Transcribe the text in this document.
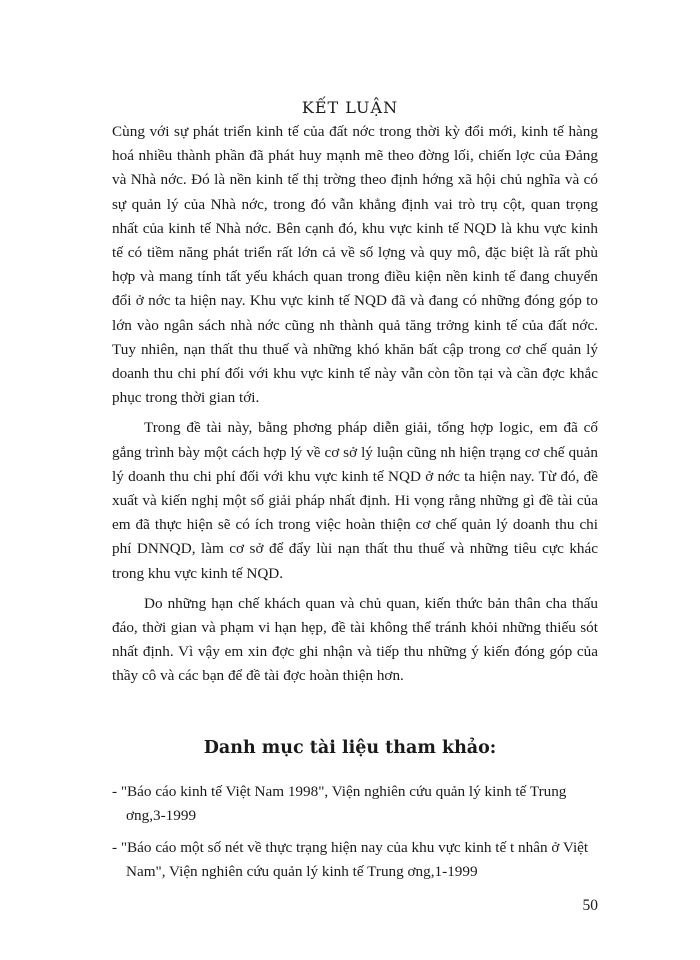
KẾT LUẬN

Cùng với sự phát triển kinh tế của đất nớc trong thời kỳ đổi mới, kinh tế hàng hoá nhiều thành phần đã phát huy mạnh mẽ theo đờng lối, chiến lợc của Đảng và Nhà nớc. Đó là nền kinh tế thị trờng theo định hớng xã hội chủ nghĩa và có sự quản lý của Nhà nớc, trong đó vẫn khẳng định vai trò trụ cột, quan trọng nhất của kinh tế Nhà nớc. Bên cạnh đó, khu vực kinh tế NQD là khu vực kinh tế có tiềm năng phát triển rất lớn cả về số lợng và quy mô, đặc biệt là rất phù hợp và mang tính tất yếu khách quan trong điều kiện nền kinh tế đang chuyển đổi ở nớc ta hiện nay. Khu vực kinh tế NQD đã và đang có những đóng góp to lớn vào ngân sách nhà nớc cũng nh thành quả tăng trởng kinh tế của đất nớc. Tuy nhiên, nạn thất thu thuế và những khó khăn bất cập trong cơ chế quản lý doanh thu chi phí đối với khu vực kinh tế này vẫn còn tồn tại và cần đợc khắc phục trong thời gian tới.

Trong đề tài này, bằng phơng pháp diễn giải, tổng hợp logic, em đã cố gắng trình bày một cách hợp lý về cơ sở lý luận cũng nh hiện trạng cơ chế quản lý doanh thu chi phí đối với khu vực kinh tế NQD ở nớc ta hiện nay. Từ đó, đề xuất và kiến nghị một số giải pháp nhất định. Hi vọng rằng những gì đề tài của em đã thực hiện sẽ có ích trong việc hoàn thiện cơ chế quản lý doanh thu chi phí DNNQD, làm cơ sở để đẩy lùi nạn thất thu thuế và những tiêu cực khác trong khu vực kinh tế NQD.

Do những hạn chế khách quan và chủ quan, kiến thức bản thân cha thấu đáo, thời gian và phạm vi hạn hẹp, đề tài không thể tránh khỏi những thiếu sót nhất định. Vì vậy em xin đợc ghi nhận và tiếp thu những ý kiến đóng góp của thầy cô và các bạn để đề tài đợc hoàn thiện hơn.

Danh mục tài liệu tham khảo:
- "Báo cáo kinh tế Việt Nam 1998", Viện nghiên cứu quản lý kinh tế Trung ơng,3-1999
- "Báo cáo một số nét về thực trạng hiện nay của khu vực kinh tế t nhân ở Việt Nam", Viện nghiên cứu quản lý kinh tế Trung ơng,1-1999
50
